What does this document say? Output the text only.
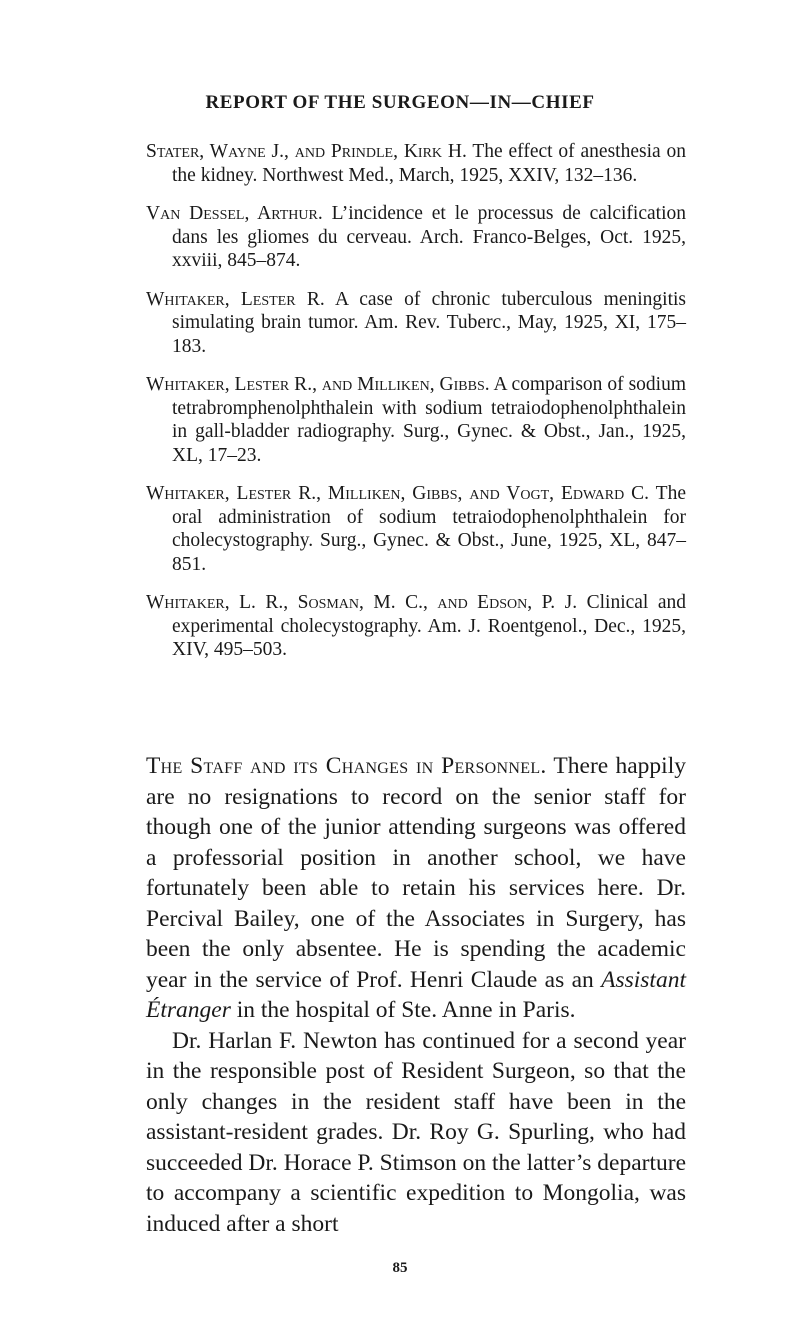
REPORT OF THE SURGEON—IN—CHIEF
Stater, Wayne J., and Prindle, Kirk H. The effect of anesthesia on the kidney. Northwest Med., March, 1925, XXIV, 132–136.
Van Dessel, Arthur. L’incidence et le processus de calcification dans les gliomes du cerveau. Arch. Franco-Belges, Oct. 1925, xxviii, 845–874.
Whitaker, Lester R. A case of chronic tuberculous meningitis simulating brain tumor. Am. Rev. Tuberc., May, 1925, XI, 175–183.
Whitaker, Lester R., and Milliken, Gibbs. A comparison of sodium tetrabromphenolphthalein with sodium tetraiodophenolphthalein in gall-bladder radiography. Surg., Gynec. & Obst., Jan., 1925, XL, 17–23.
Whitaker, Lester R., Milliken, Gibbs, and Vogt, Edward C. The oral administration of sodium tetraiodophenolphthalein for cholecystography. Surg., Gynec. & Obst., June, 1925, XL, 847–851.
Whitaker, L. R., Sosman, M. C., and Edson, P. J. Clinical and experimental cholecystography. Am. J. Roentgenol., Dec., 1925, XIV, 495–503.

The Staff and its Changes in Personnel. There happily are no resignations to record on the senior staff for though one of the junior attending surgeons was offered a professorial position in another school, we have fortunately been able to retain his services here. Dr. Percival Bailey, one of the Associates in Surgery, has been the only absentee. He is spending the academic year in the service of Prof. Henri Claude as an Assistant Étranger in the hospital of Ste. Anne in Paris.

Dr. Harlan F. Newton has continued for a second year in the responsible post of Resident Surgeon, so that the only changes in the resident staff have been in the assistant-resident grades. Dr. Roy G. Spurling, who had succeeded Dr. Horace P. Stimson on the latter’s departure to accompany a scientific expedition to Mongolia, was induced after a short

85
